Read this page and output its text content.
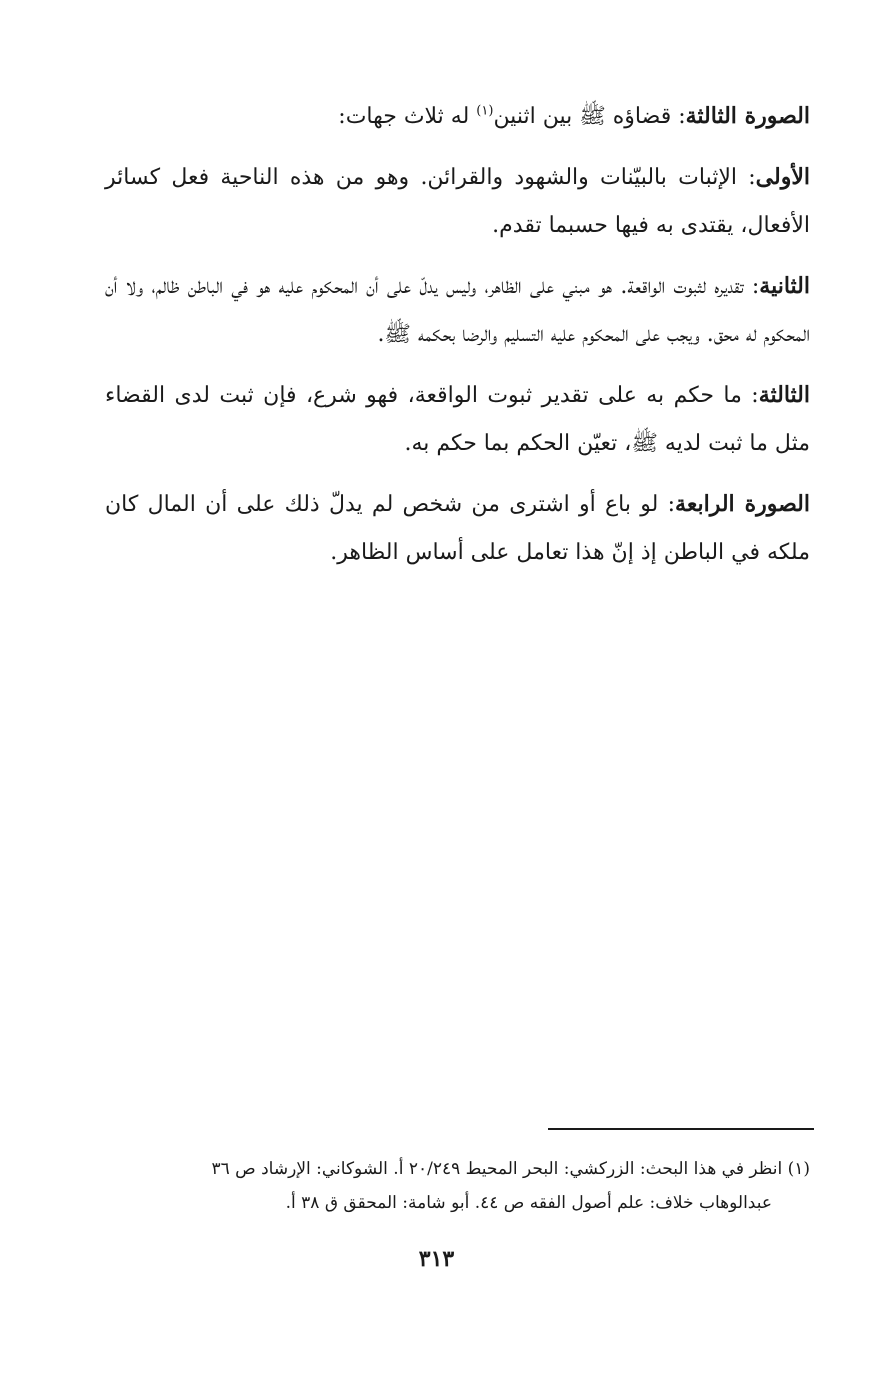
الصورة الثالثة: قضاؤه ﷺ بين اثنين$^{(١)}$ له ثلاث جهات:

الأولى: الإثبات بالبيّنات والشهود والقرائن. وهو من هذه الناحية فعل كسائر الأفعال، يقتدى به فيها حسبما تقدم.

الثانية: تقديره لثبوت الواقعة. هو مبني على الظاهر، وليس يدلّ على أن المحكوم عليه هو في الباطن ظالم، ولا أن المحكوم له محق. ويجب على المحكوم عليه التسليم والرضا بحكمه ﷺ.

الثالثة: ما حكم به على تقدير ثبوت الواقعة، فهو شرع، فإن ثبت لدى القضاء مثل ما ثبت لديه ﷺ، تعيّن الحكم بما حكم به.

الصورة الرابعة: لو باع أو اشترى من شخص لم يدلّ ذلك على أن المال كان ملكه في الباطن إذ إنّ هذا تعامل على أساس الظاهر.

(١) انظر في هذا البحث: الزركشي: البحر المحيط ٢٠/٢٤٩ أ. الشوكاني: الإرشاد ص ٣٦
عبدالوهاب خلاف: علم أصول الفقه ص ٤٤. أبو شامة: المحقق ق ٣٨ أ.

٣١٣
